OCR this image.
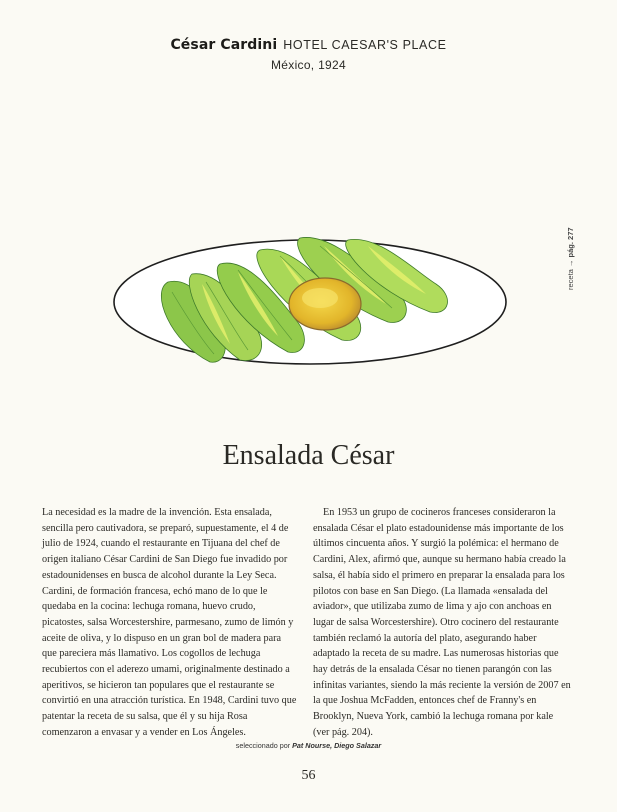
César Cardini HOTEL CAESAR'S PLACE
México, 1924
receta → pág. 277
Ensalada César

La necesidad es la madre de la invención. Esta ensalada, sencilla pero cautivadora, se preparó, supuestamente, el 4 de julio de 1924, cuando el restaurante en Tijuana del chef de origen italiano César Cardini de San Diego fue invadido por estadounidenses en busca de alcohol durante la Ley Seca. Cardini, de formación francesa, echó mano de lo que le quedaba en la cocina: lechuga romana, huevo crudo, picatostes, salsa Worcestershire, parmesano, zumo de limón y aceite de oliva, y lo dispuso en un gran bol de madera para que pareciera más llamativo. Los cogollos de lechuga recubiertos con el aderezo umami, originalmente destinado a aperitivos, se hicieron tan populares que el restaurante se convirtió en una atracción turística. En 1948, Cardini tuvo que patentar la receta de su salsa, que él y su hija Rosa comenzaron a envasar y a vender en Los Ángeles.

En 1953 un grupo de cocineros franceses consideraron la ensalada César el plato estadounidense más importante de los últimos cincuenta años. Y surgió la polémica: el hermano de Cardini, Alex, afirmó que, aunque su hermano había creado la salsa, él había sido el primero en preparar la ensalada para los pilotos con base en San Diego. (La llamada «ensalada del aviador», que utilizaba zumo de lima y ajo con anchoas en lugar de salsa Worcestershire). Otro cocinero del restaurante también reclamó la autoría del plato, asegurando haber adaptado la receta de su madre. Las numerosas historias que hay detrás de la ensalada César no tienen parangón con las infinitas variantes, siendo la más reciente la versión de 2007 en la que Joshua McFadden, entonces chef de Franny's en Brooklyn, Nueva York, cambió la lechuga romana por kale (ver pág. 204).

seleccionado por Pat Nourse, Diego Salazar
56
